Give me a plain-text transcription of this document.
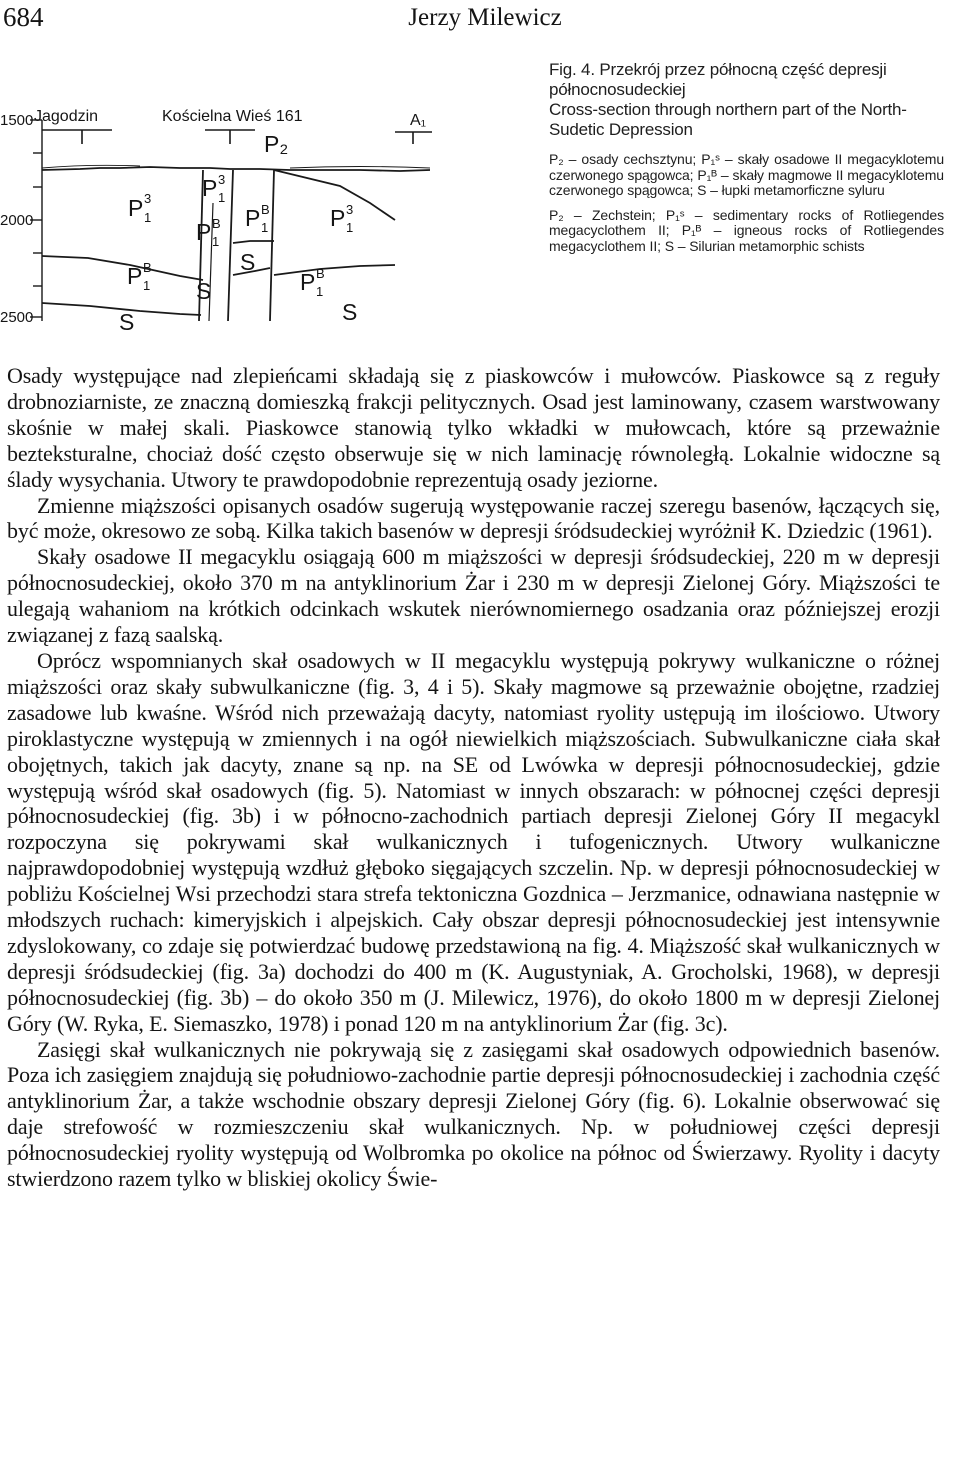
684	Jerzy Milewicz
1500
2000
2500
Jagodzin	Kościelna Wieś 161	A₁
P₂
P 3
1
P 3
1
P 3
1
P B
1
P B
1
P B
1	P B
1
S
S
S
S
Fig. 4. Przekrój przez północną część depresji północnosudeckiej
Cross-section through northern part of the North-Sudetic Depression
P₂ – osady cechsztynu; P₁ˢ – skały osadowe II megacyklotemu czerwonego spągowca; P₁ᴮ – skały magmowe II megacyklotemu czerwonego spągowca; S – łupki metamorficzne syluru
P₂ – Zechstein; P₁ˢ – sedimentary rocks of Rotliegendes megacyclothem II; P₁ᴮ – igneous rocks of Rotliegendes megacyclothem II; S – Silurian metamorphic schists

Osady występujące nad zlepieńcami składają się z piaskowców i mułowców. Piaskowce są z reguły drobnoziarniste, ze znaczną domieszką frakcji pelitycznych. Osad jest laminowany, czasem warstwowany skośnie w małej skali. Piaskowce stanowią tylko wkładki w mułowcach, które są przeważnie bezteksturalne, chociaż dość często obserwuje się w nich laminację równoległą. Lokalnie widoczne są ślady wysychania. Utwory te prawdopodobnie reprezentują osady jeziorne.

Zmienne miąższości opisanych osadów sugerują występowanie raczej szeregu basenów, łączących się, być może, okresowo ze sobą. Kilka takich basenów w depresji śródsudeckiej wyróżnił K. Dziedzic (1961).

Skały osadowe II megacyklu osiągają 600 m miąższości w depresji śródsudeckiej, 220 m w depresji północnosudeckiej, około 370 m na antyklinorium Żar i 230 m w depresji Zielonej Góry. Miąższości te ulegają wahaniom na krótkich odcinkach wskutek nierównomiernego osadzania oraz późniejszej erozji związanej z fazą saalską.

Oprócz wspomnianych skał osadowych w II megacyklu występują pokrywy wulkaniczne o różnej miąższości oraz skały subwulkaniczne (fig. 3, 4 i 5). Skały magmowe są przeważnie obojętne, rzadziej zasadowe lub kwaśne. Wśród nich przeważają dacyty, natomiast ryolity ustępują im ilościowo. Utwory piroklastyczne występują w zmiennych i na ogół niewielkich miąższościach. Subwulkaniczne ciała skał obojętnych, takich jak dacyty, znane są np. na SE od Lwówka w depresji północnosudeckiej, gdzie występują wśród skał osadowych (fig. 5). Natomiast w innych obszarach: w północnej części depresji północnosudeckiej (fig. 3b) i w północno-zachodnich partiach depresji Zielonej Góry II megacykl rozpoczyna się pokrywami skał wulkanicznych i tufogenicznych. Utwory wulkaniczne najprawdopodobniej występują wzdłuż głęboko sięgających szczelin. Np. w depresji północnosudeckiej w pobliżu Kościelnej Wsi przechodzi stara strefa tektoniczna Gozdnica – Jerzmanice, odnawiana następnie w młodszych ruchach: kimeryjskich i alpejskich. Cały obszar depresji północnosudeckiej jest intensywnie zdyslokowany, co zdaje się potwierdzać budowę przedstawioną na fig. 4. Miąższość skał wulkanicznych w depresji śródsudeckiej (fig. 3a) dochodzi do 400 m (K. Augustyniak, A. Grocholski, 1968), w depresji północnosudeckiej (fig. 3b) – do około 350 m (J. Milewicz, 1976), do około 1800 m w depresji Zielonej Góry (W. Ryka, E. Siemaszko, 1978) i ponad 120 m na antyklinorium Żar (fig. 3c).

Zasięgi skał wulkanicznych nie pokrywają się z zasięgami skał osadowych odpowiednich basenów. Poza ich zasięgiem znajdują się południowo-zachodnie partie depresji północnosudeckiej i zachodnia część antyklinorium Żar, a także wschodnie obszary depresji Zielonej Góry (fig. 6). Lokalnie obserwować się daje strefowość w rozmieszczeniu skał wulkanicznych. Np. w południowej części depresji północnosudeckiej ryolity występują od Wolbromka po okolice na północ od Świerzawy. Ryolity i dacyty stwierdzono razem tylko w bliskiej okolicy Świe-
